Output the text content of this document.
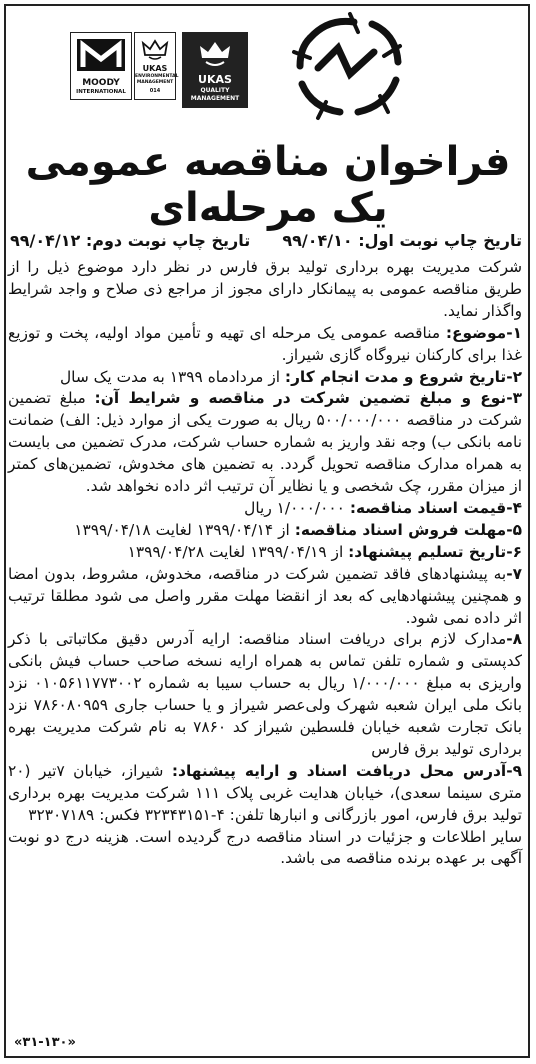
MOODY
INTERNATIONAL
UKAS
ENVIRONMENTAL
MANAGEMENT
014
UKAS
QUALITY
MANAGEMENT
فراخوان مناقصه عمومی
یک مرحله‌ای
تاریخ چاپ نوبت اول: ۹۹/۰۴/۱۰
تاریخ چاپ نوبت دوم: ۹۹/۰۴/۱۲

شرکت مدیریت بهره برداری تولید برق فارس در نظر دارد موضوع ذیل را از طریق مناقصه عمومی به پیمانکار دارای مجوز از مراجع ذی صلاح و واجد شرایط واگذار نماید.

۱-موضوع: مناقصه عمومی یک مرحله ای تهیه و تأمین مواد اولیه، پخت و توزیع غذا برای کارکنان نیروگاه گازی شیراز.

۲-تاریخ شروع و مدت انجام کار: از مردادماه ۱۳۹۹ به مدت یک سال

۳-نوع و مبلغ تضمین شرکت در مناقصه و شرایط آن: مبلغ تضمین شرکت در مناقصه ۵۰۰/۰۰۰/۰۰۰ ریال به صورت یکی از موارد ذیل: الف) ضمانت نامه بانکی ب) وجه نقد واریز به شماره حساب شرکت، مدرک تضمین می بایست به همراه مدارک مناقصه تحویل گردد. به تضمین های مخدوش، تضمین‌های کمتر از میزان مقرر، چک شخصی و یا نظایر آن ترتیب اثر داده نخواهد شد.

۴-قیمت اسناد مناقصه: ۱/۰۰۰/۰۰۰ ریال

۵-مهلت فروش اسناد مناقصه: از ۱۳۹۹/۰۴/۱۴ لغایت ۱۳۹۹/۰۴/۱۸

۶-تاریخ تسلیم پیشنهاد: از ۱۳۹۹/۰۴/۱۹ لغایت ۱۳۹۹/۰۴/۲۸

۷-به پیشنهادهای فاقد تضمین شرکت در مناقصه، مخدوش، مشروط، بدون امضا و همچنین پیشنهادهایی که بعد از انقضا مهلت مقرر واصل می شود مطلقا ترتیب اثر داده نمی شود.

۸-مدارک لازم برای دریافت اسناد مناقصه: ارایه آدرس دقیق مکاتباتی با ذکر کدپستی و شماره تلفن تماس به همراه ارایه نسخه صاحب حساب فیش بانکی واریزی به مبلغ ۱/۰۰۰/۰۰۰ ریال به حساب سیبا به شماره ۰۱۰۵۶۱۱۷۷۳۰۰۲ نزد بانک ملی ایران شعبه شهرک ولی‌عصر شیراز و یا حساب جاری ۷۸۶۰۸۰۹۵۹ نزد بانک تجارت شعبه خیابان فلسطین شیراز کد ۷۸۶۰ به نام شرکت مدیریت بهره برداری تولید برق فارس

۹-آدرس محل دریافت اسناد و ارایه پیشنهاد: شیراز، خیابان ۷تیر (۲۰ متری سینما سعدی)، خیابان هدایت غربی پلاک ۱۱۱ شرکت مدیریت بهره برداری تولید برق فارس، امور بازرگانی و انبارها تلفن: ۴-۳۲۳۴۳۱۵۱ فکس: ۳۲۳۰۷۱۸۹

سایر اطلاعات و جزئیات در اسناد مناقصه درج گردیده است. هزینه درج دو نوبت آگهی بر عهده برنده مناقصه می باشد.

«۳۱-۱۳۰»
